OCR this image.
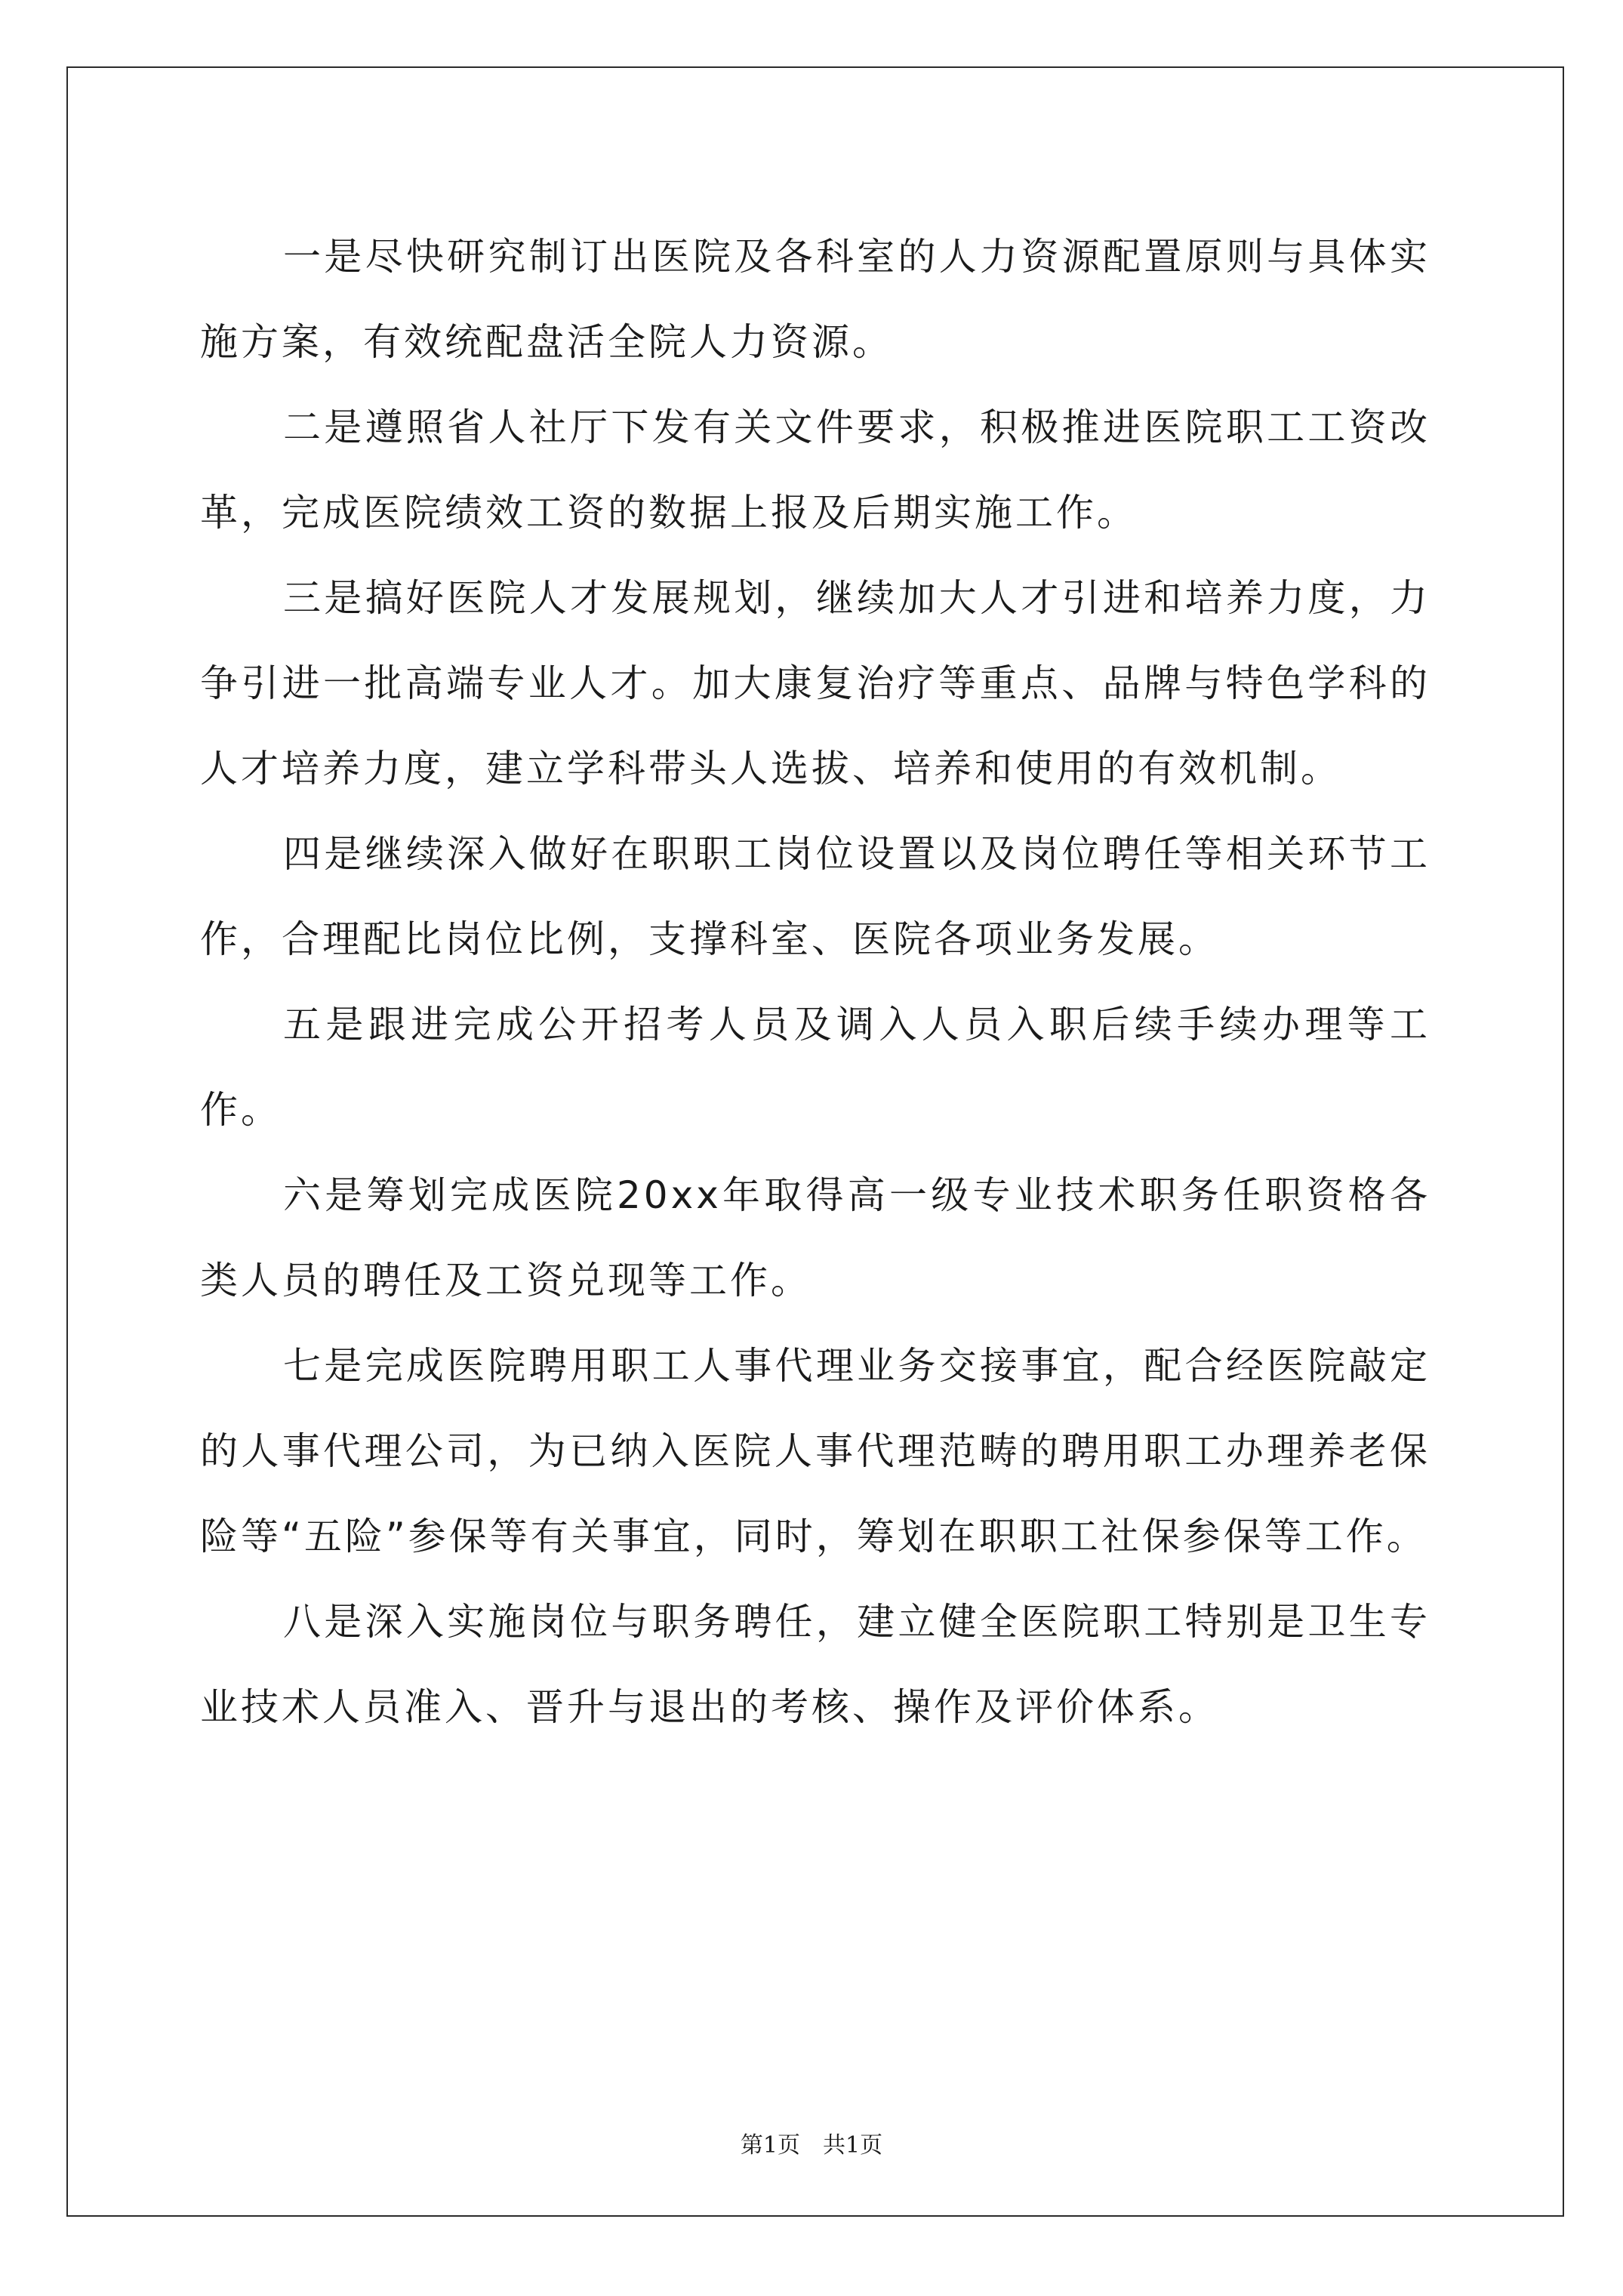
一是尽快研究制订出医院及各科室的人力资源配置原则与具体实施方案，有效统配盘活全院人力资源。

二是遵照省人社厅下发有关文件要求，积极推进医院职工工资改革，完成医院绩效工资的数据上报及后期实施工作。

三是搞好医院人才发展规划，继续加大人才引进和培养力度，力争引进一批高端专业人才。加大康复治疗等重点、品牌与特色学科的人才培养力度，建立学科带头人选拔、培养和使用的有效机制。

四是继续深入做好在职职工岗位设置以及岗位聘任等相关环节工作，合理配比岗位比例，支撑科室、医院各项业务发展。

五是跟进完成公开招考人员及调入人员入职后续手续办理等工作。

六是筹划完成医院20xx年取得高一级专业技术职务任职资格各类人员的聘任及工资兑现等工作。

七是完成医院聘用职工人事代理业务交接事宜，配合经医院敲定的人事代理公司，为已纳入医院人事代理范畴的聘用职工办理养老保险等“五险”参保等有关事宜，同时，筹划在职职工社保参保等工作。

八是深入实施岗位与职务聘任，建立健全医院职工特别是卫生专业技术人员准入、晋升与退出的考核、操作及评价体系。

第1页 共1页
